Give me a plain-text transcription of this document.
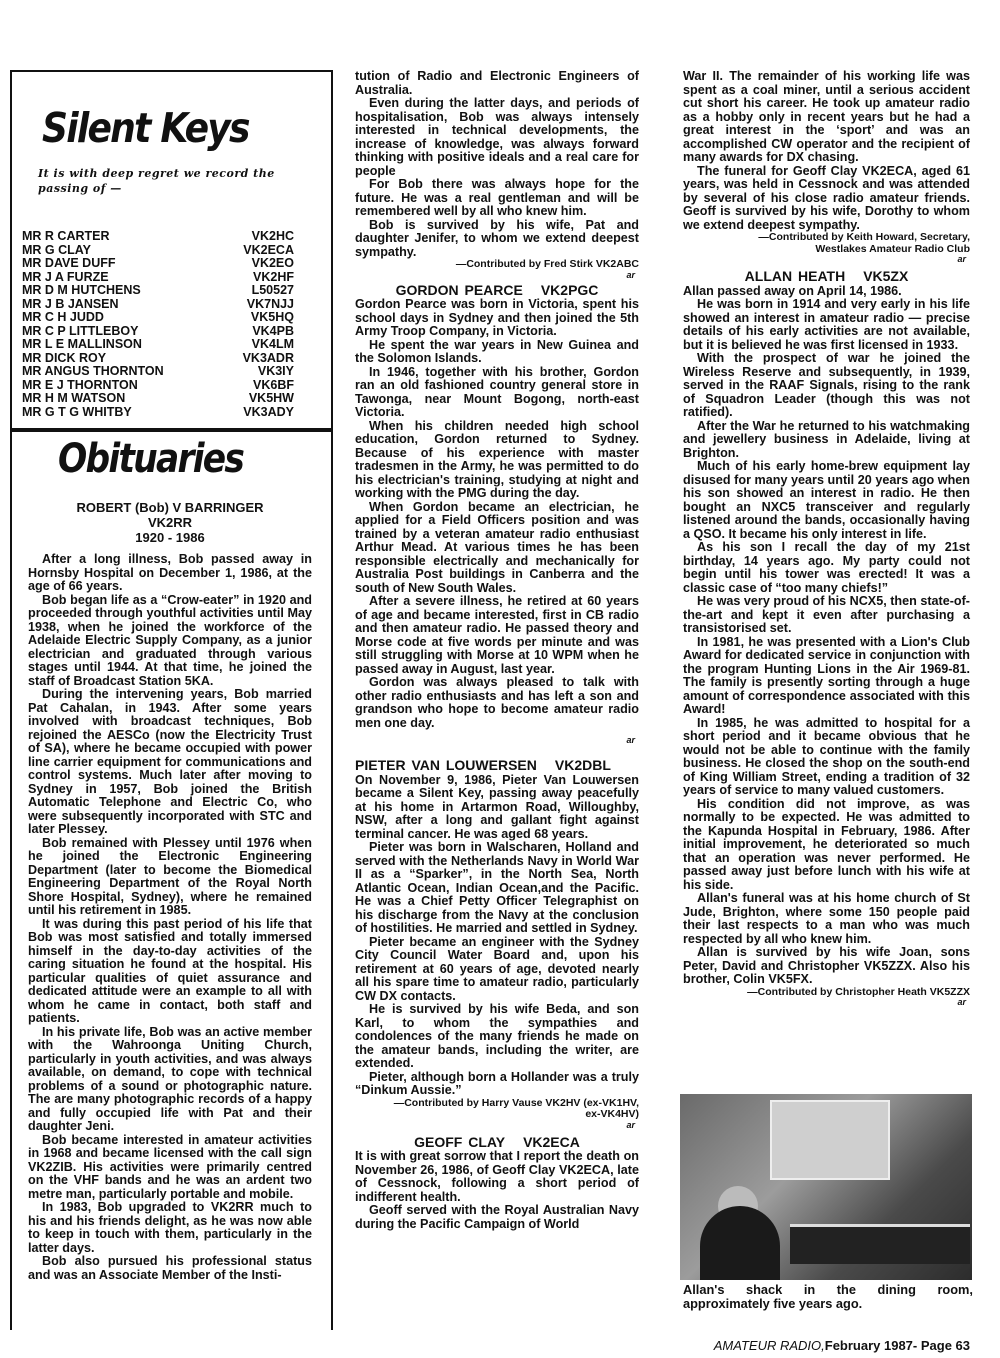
Silent Keys
It is with deep regret we record the passing of —
MR R CARTER	VK2HC
MR G CLAY	VK2ECA
MR DAVE DUFF	VK2EO
MR J A FURZE	VK2HF
MR D M HUTCHENS	L50527
MR J B JANSEN	VK7NJJ
MR C H JUDD	VK5HQ
MR C P LITTLEBOY	VK4PB
MR L E MALLINSON	VK4LM
MR DICK ROY	VK3ADR
MR ANGUS THORNTON	VK3IY
MR E J THORNTON	VK6BF
MR H M WATSON	VK5HW
MR G T G WHITBY	VK3ADY
Obituaries
ROBERT (Bob) V BARRINGER
VK2RR
1920 - 1986

After a long illness, Bob passed away in Hornsby Hospital on December 1, 1986, at the age of 66 years.

Bob began life as a “Crow-eater” in 1920 and proceeded through youthful activities until May 1938, when he joined the workforce of the Adelaide Electric Supply Company, as a junior electrician and graduated through various stages until 1944. At that time, he joined the staff of Broadcast Station 5KA.

During the intervening years, Bob married Pat Cahalan, in 1943. After some years involved with broadcast techniques, Bob rejoined the AESCo (now the Electricity Trust of SA), where he became occupied with power line carrier equipment for communications and control systems. Much later after moving to Sydney in 1957, Bob joined the British Automatic Telephone and Electric Co, who were subsequently incorporated with STC and later Plessey.

Bob remained with Plessey until 1976 when he joined the Electronic Engineering Department (later to become the Biomedical Engineering Department of the Royal North Shore Hospital, Sydney), where he remained until his retirement in 1985.

It was during this past period of his life that Bob was most satisfied and totally immersed himself in the day-to-day activities of the caring situation he found at the hospital. His particular qualities of quiet assurance and dedicated attitude were an example to all with whom he came in contact, both staff and patients.

In his private life, Bob was an active member with the Wahroonga Uniting Church, particularly in youth activities, and was always available, on demand, to cope with technical problems of a sound or photographic nature. The are many photographic records of a happy and fully occupied life with Pat and their daughter Jeni.

Bob became interested in amateur activities in 1968 and became licensed with the call sign VK2ZIB. His activities were primarily centred on the VHF bands and he was an ardent two metre man, particularly portable and mobile.

In 1983, Bob upgraded to VK2RR much to his and his friends delight, as he was now able to keep in touch with them, particularly in the latter days.

Bob also pursued his professional status and was an Associate Member of the Insti-

tution of Radio and Electronic Engineers of Australia.

Even during the latter days, and periods of hospitalisation, Bob was always intensely interested in technical developments, the increase of knowledge, was always forward thinking with positive ideals and a real care for people

For Bob there was always hope for the future. He was a real gentleman and will be remembered well by all who knew him.

Bob is survived by his wife, Pat and daughter Jenifer, to whom we extend deepest sympathy.

—Contributed by Fred Stirk VK2ABC
ar
GORDON PEARCE VK2PGC

Gordon Pearce was born in Victoria, spent his school days in Sydney and then joined the 5th Army Troop Company, in Victoria.

He spent the war years in New Guinea and the Solomon Islands.

In 1946, together with his brother, Gordon ran an old fashioned country general store in Tawonga, near Mount Bogong, north-east Victoria.

When his children needed high school education, Gordon returned to Sydney. Because of his experience with master tradesmen in the Army, he was permitted to do his electrician's training, studying at night and working with the PMG during the day.

When Gordon became an electrician, he applied for a Field Officers position and was trained by a veteran amateur radio enthusiast Arthur Mead. At various times he has been responsible electrically and mechanically for Australia Post buildings in Canberra and the south of New South Wales.

After a severe illness, he retired at 60 years of age and became interested, first in CB radio and then amateur radio. He passed theory and Morse code at five words per minute and was still struggling with Morse at 10 WPM when he passed away in August, last year.

Gordon was always pleased to talk with other radio enthusiasts and has left a son and grandson who hope to become amateur radio men one day.

ar
PIETER VAN LOUWERSEN VK2DBL

On November 9, 1986, Pieter Van Louwersen became a Silent Key, passing away peacefully at his home in Artarmon Road, Willoughby, NSW, after a long and gallant fight against terminal cancer. He was aged 68 years.

Pieter was born in Walscharen, Holland and served with the Netherlands Navy in World War II as a “Sparker”, in the North Sea, North Atlantic Ocean, Indian Ocean,and the Pacific. He was a Chief Petty Officer Telegraphist on his discharge from the Navy at the conclusion of hostilities. He married and settled in Sydney.

Pieter became an engineer with the Sydney City Council Water Board and, upon his retirement at 60 years of age, devoted nearly all his spare time to amateur radio, particularly CW DX contacts.

He is survived by his wife Beda, and son Karl, to whom the sympathies and condolences of the many friends he made on the amateur bands, including the writer, are extended.

Pieter, although born a Hollander was a truly “Dinkum Aussie.”

—Contributed by Harry Vause VK2HV (ex-VK1HV,
ex-VK4HV)
ar
GEOFF CLAY VK2ECA

It is with great sorrow that I report the death on November 26, 1986, of Geoff Clay VK2ECA, late of Cessnock, following a short period of indifferent health.

Geoff served with the Royal Australian Navy during the Pacific Campaign of World

War II. The remainder of his working life was spent as a coal miner, until a serious accident cut short his career. He took up amateur radio as a hobby only in recent years but he had a great interest in the ‘sport’ and was an accomplished CW operator and the recipient of many awards for DX chasing.

The funeral for Geoff Clay VK2ECA, aged 61 years, was held in Cessnock and was attended by several of his close radio amateur friends. Geoff is survived by his wife, Dorothy to whom we extend deepest sympathy.

—Contributed by Keith Howard, Secretary,
Westlakes Amateur Radio Club
ar
ALLAN HEATH VK5ZX

Allan passed away on April 14, 1986.

He was born in 1914 and very early in his life showed an interest in amateur radio — precise details of his early activities are not available, but it is believed he was first licensed in 1933.

With the prospect of war he joined the Wireless Reserve and subsequently, in 1939, served in the RAAF Signals, rising to the rank of Squadron Leader (though this was not ratified).

After the War he returned to his watchmaking and jewellery business in Adelaide, living at Brighton.

Much of his early home-brew equipment lay disused for many years until 20 years ago when his son showed an interest in radio. He then bought an NXC5 transceiver and regularly listened around the bands, occasionally having a QSO. It became his only interest in life.

As his son I recall the day of my 21st birthday, 14 years ago. My party could not begin until his tower was erected! It was a classic case of “too many chiefs!”

He was very proud of his NCX5, then state-of-the-art and kept it even after purchasing a transistorised set.

In 1981, he was presented with a Lion's Club Award for dedicated service in conjunction with the program Hunting Lions in the Air 1969-81. The family is presently sorting through a huge amount of correspondence associated with this Award!

In 1985, he was admitted to hospital for a short period and it became obvious that he would not be able to continue with the family business. He closed the shop on the south-end of King William Street, ending a tradition of 32 years of service to many valued customers.

His condition did not improve, as was normally to be expected. He was admitted to the Kapunda Hospital in February, 1986. After initial improvement, he deteriorated so much that an operation was never performed. He passed away just before lunch with his wife at his side.

Allan's funeral was at his home church of St Jude, Brighton, where some 150 people paid their last respects to a man who was much respected by all who knew him.

Allan is survived by his wife Joan, sons Peter, David and Christopher VK5ZZX. Also his brother, Colin VK5FX.

—Contributed by Christopher Heath VK5ZZX
ar
Allan's shack in the dining room, approximately five years ago.
AMATEUR RADIO,February 1987- Page 63
